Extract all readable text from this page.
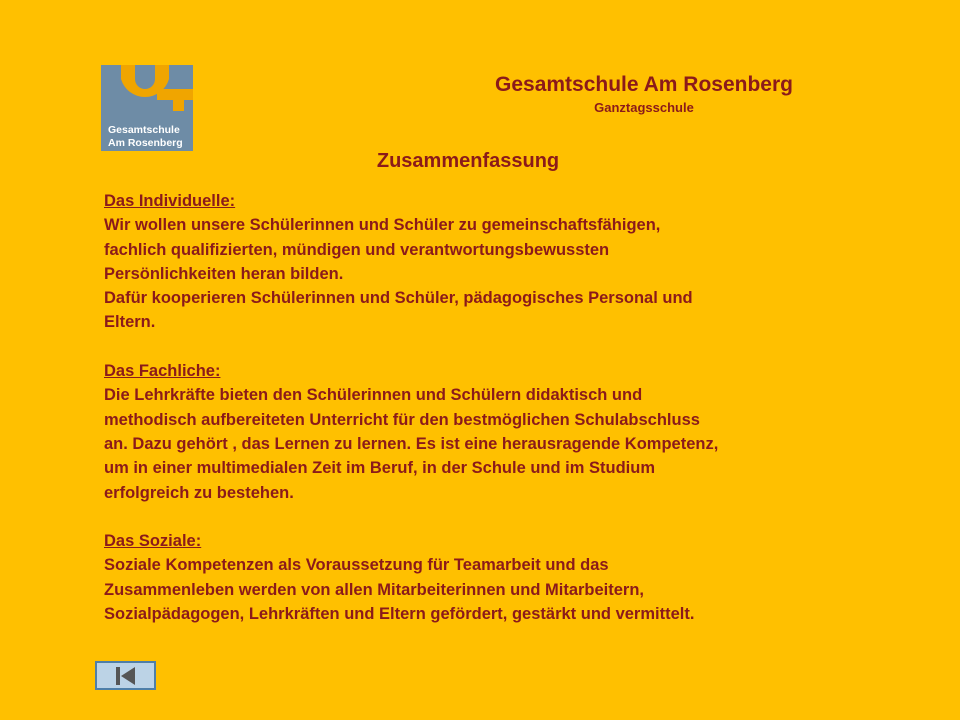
Gesamtschule
Am Rosenberg
Gesamtschule Am Rosenberg
Ganztagsschule
Zusammenfassung
Das Individuelle:
Wir wollen unsere Schülerinnen und Schüler zu gemeinschaftsfähigen,
fachlich qualifizierten, mündigen und verantwortungsbewussten
Persönlichkeiten heran bilden.
Dafür kooperieren Schülerinnen und Schüler, pädagogisches Personal und
Eltern.
Das Fachliche:
Die Lehrkräfte bieten den Schülerinnen und Schülern didaktisch und
methodisch aufbereiteten Unterricht für den bestmöglichen Schulabschluss
an. Dazu gehört , das Lernen zu lernen. Es ist eine herausragende Kompetenz,
um in einer multimedialen Zeit im Beruf, in der Schule und im Studium
erfolgreich zu bestehen.
Das Soziale:
Soziale Kompetenzen als Voraussetzung für Teamarbeit und das
Zusammenleben werden von allen Mitarbeiterinnen und Mitarbeitern,
Sozialpädagogen, Lehrkräften und Eltern gefördert, gestärkt und vermittelt.
